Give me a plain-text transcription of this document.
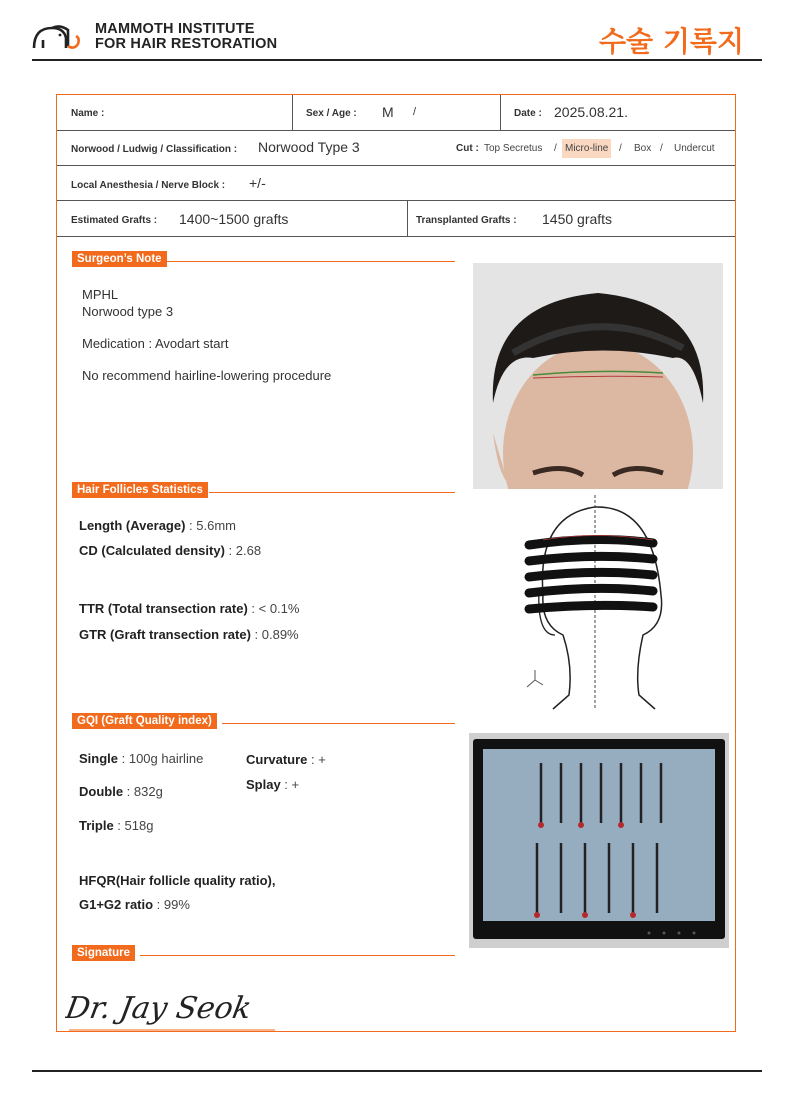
MAMMOTH INSTITUTE
FOR HAIR RESTORATION	수술 기록지
Name :	Sex / Age : M /	Date : 2025.08.21.
Norwood / Ludwig / Classification : Norwood Type 3	Cut : Top Secretus / Micro-line	/ Box / Undercut
Local Anesthesia / Nerve Block : +/-
Estimated Grafts : 1400~1500 grafts	Transplanted Grafts : 1450 grafts
Surgeon’s Note
MPHL
Norwood type 3
Medication : Avodart start
No recommend hairline-lowering procedure
Hair Follicles Statistics
Length (Average) : 5.6mm
CD (Calculated density) : 2.68
TTR (Total transection rate) : < 0.1%
GTR (Graft transection rate) : 0.89%
GQI (Graft Quality index)
Single : 100g hairline
Double : 832g
Triple : 518g
Curvature : +
Splay : +
HFQR(Hair follicle quality ratio),
G1+G2 ratio : 99%
Signature
Dr. Jay Seok
